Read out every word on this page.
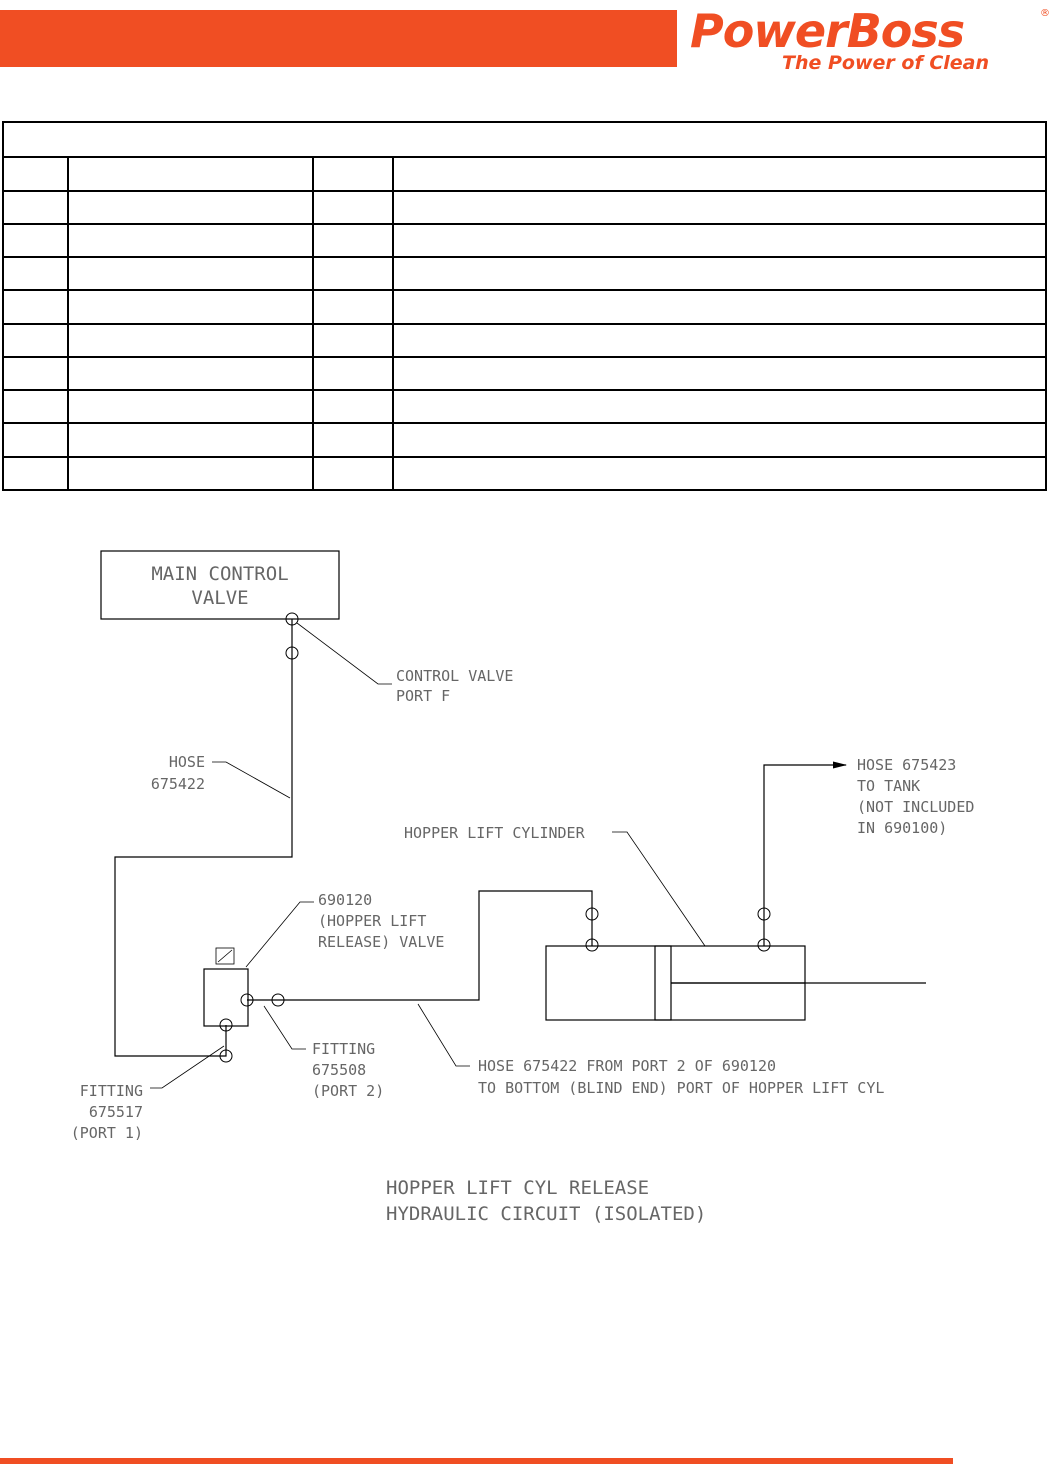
PowerBoss	®
The Power of Clean

MAIN CONTROL
VALVE
CONTROL VALVE
PORT F
HOSE
675422
690120
(HOPPER LIFT
RELEASE) VALVE
HOSE 675423
TO TANK
(NOT INCLUDED
IN 690100)
HOPPER LIFT CYLINDER
FITTING
675508
(PORT 2)
HOSE 675422 FROM PORT 2 OF 690120
TO BOTTOM (BLIND END) PORT OF HOPPER LIFT CYL
FITTING
675517
(PORT 1)
HOPPER LIFT CYL RELEASE
HYDRAULIC CIRCUIT (ISOLATED)
